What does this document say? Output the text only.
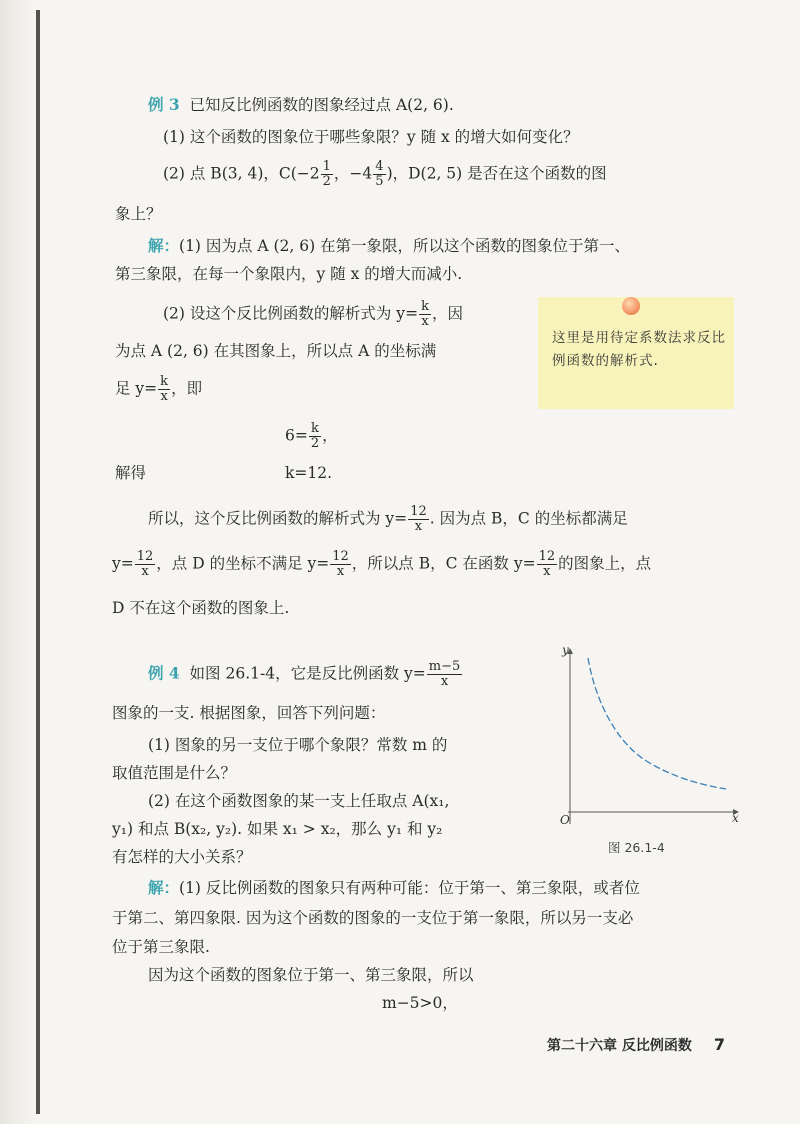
例 3 已知反比例函数的图象经过点 A(2, 6).
(1) 这个函数的图象位于哪些象限？y 随 x 的增大如何变化？
(2) 点 B(3, 4)，$C(-2 \frac{1}{2}$ ，$-4 \frac{4}{5}$ )，D(2, 5) 是否在这个函数的图
象上？
解：(1) 因为点 A (2, 6) 在第一象限，所以这个函数的图象位于第一、
第三象限，在每一个象限内，y 随 x 的增大而减小.
(2) 设这个反比例函数的解析式为 $y= \frac{k}{x}$ ，因
为点 A (2, 6) 在其图象上，所以点 A 的坐标满
足 $y= \frac{k}{x}$ ，即
$6= \frac{k}{2}$ ，
解得	k=12.
所以，这个反比例函数的解析式为 $y= \frac{12}{x}$ . 因为点 B，C 的坐标都满足
$y= \frac{12}{x}$ ，点 D 的坐标不满足 $y= \frac{12}{x}$ ，所以点 B，C 在函数 $y= \frac{12}{x}$ 的图象上，点
D 不在这个函数的图象上.
这里是用待定系数法求反比例函数的解析式.
例 4 如图 26.1-4，它是反比例函数 $y= \frac{m-5}{x}$
图象的一支. 根据图象，回答下列问题：
(1) 图象的另一支位于哪个象限？常数 m 的
取值范围是什么？
(2) 在这个函数图象的某一支上任取点 A(x₁,
y₁) 和点 B(x₂, y₂). 如果 x₁ > x₂，那么 y₁ 和 y₂
有怎样的大小关系？
解：(1) 反比例函数的图象只有两种可能：位于第一、第三象限，或者位
于第二、第四象限. 因为这个函数的图象的一支位于第一象限，所以另一支必
位于第三象限.
因为这个函数的图象位于第一、第三象限，所以
m−5>0，
y
x
O
图 26.1-4
第二十六章 反比例函数 7
